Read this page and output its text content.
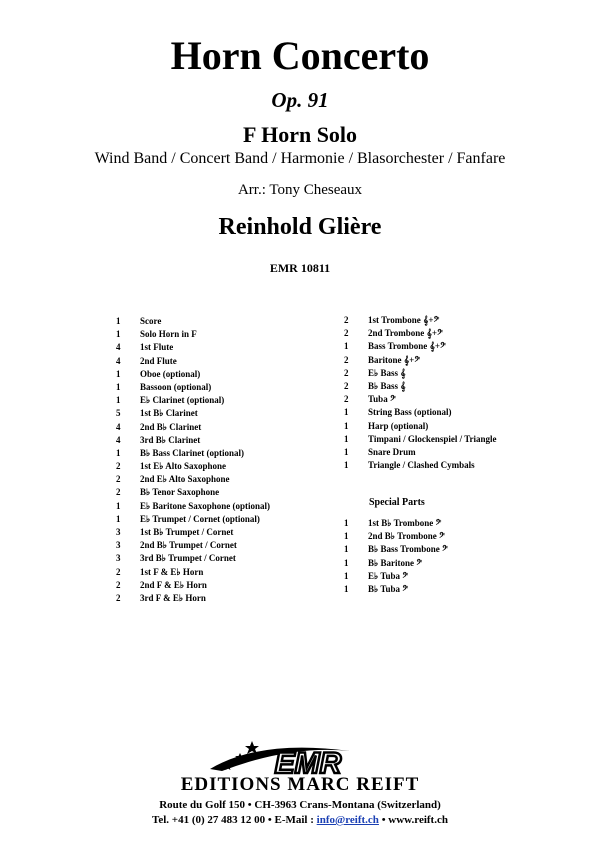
Horn Concerto
Op. 91
F Horn Solo
Wind Band / Concert Band / Harmonie / Blasorchester / Fanfare
Arr.: Tony Cheseaux
Reinhold Glière
EMR 10811
1	Score
1	Solo Horn in F
4	1st Flute
4	2nd Flute
1	Oboe (optional)
1	Bassoon (optional)
1	E♭ Clarinet (optional)
5	1st B♭ Clarinet
4	2nd B♭ Clarinet
4	3rd B♭ Clarinet
1	B♭ Bass Clarinet (optional)
2	1st E♭ Alto Saxophone
2	2nd E♭ Alto Saxophone
2	B♭ Tenor Saxophone
1	E♭ Baritone Saxophone (optional)
1	E♭ Trumpet / Cornet (optional)
3	1st B♭ Trumpet / Cornet
3	2nd B♭ Trumpet / Cornet
3	3rd B♭ Trumpet / Cornet
2	1st F & E♭ Horn
2	2nd F & E♭ Horn
2	3rd F & E♭ Horn
2	1st Trombone 𝄞+𝄢
2	2nd Trombone 𝄞+𝄢
1	Bass Trombone 𝄞+𝄢
2	Baritone 𝄞+𝄢
2	E♭ Bass 𝄞
2	B♭ Bass 𝄞
2	Tuba 𝄢
1	String Bass (optional)
1	Harp (optional)
1	Timpani / Glockenspiel / Triangle
1	Snare Drum
1	Triangle / Clashed Cymbals
Special Parts
1	1st B♭ Trombone 𝄢
1	2nd B♭ Trombone 𝄢
1	B♭ Bass Trombone 𝄢
1	B♭ Baritone 𝄢
1	E♭ Tuba 𝄢
1	B♭ Tuba 𝄢
EMR
EDITIONS MARC REIFT
Route du Golf 150 • CH-3963 Crans-Montana (Switzerland)
Tel. +41 (0) 27 483 12 00 • E-Mail : info@reift.ch • www.reift.ch
